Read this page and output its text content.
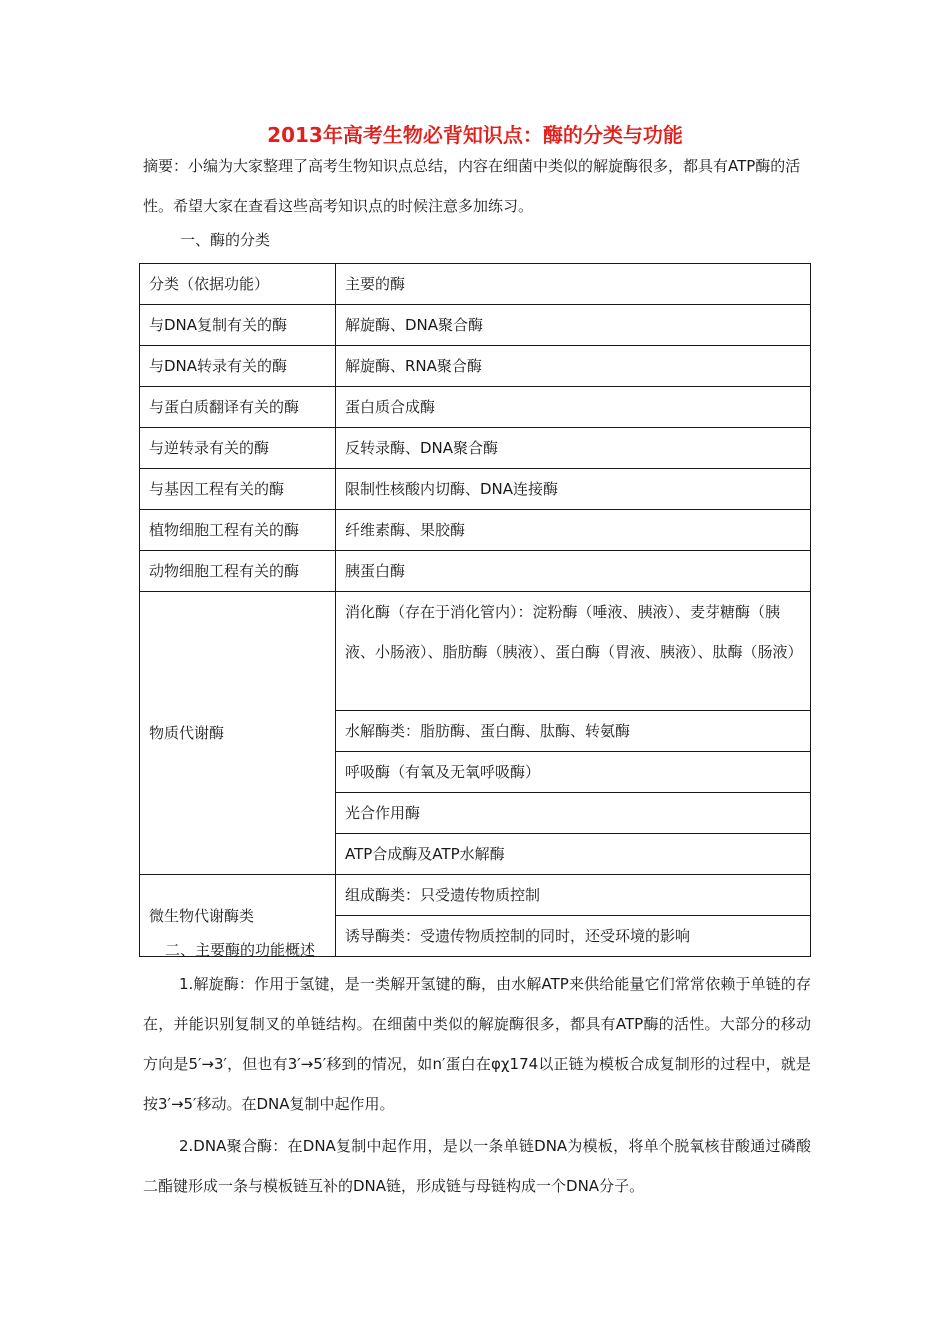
2013年高考生物必背知识点：酶的分类与功能
摘要：小编为大家整理了高考生物知识点总结，内容在细菌中类似的解旋酶很多，都具有ATP酶的活性。希望大家在查看这些高考知识点的时候注意多加练习。
一、酶的分类
分类（依据功能）	主要的酶
与DNA复制有关的酶	解旋酶、DNA聚合酶
与DNA转录有关的酶	解旋酶、RNA聚合酶
与蛋白质翻译有关的酶	蛋白质合成酶
与逆转录有关的酶	反转录酶、DNA聚合酶
与基因工程有关的酶	限制性核酸内切酶、DNA连接酶
植物细胞工程有关的酶	纤维素酶、果胶酶
动物细胞工程有关的酶	胰蛋白酶
物质代谢酶	消化酶（存在于消化管内）：淀粉酶（唾液、胰液）、麦芽糖酶（胰液、小肠液）、脂肪酶（胰液）、蛋白酶（胃液、胰液）、肽酶（肠液）
	水解酶类：脂肪酶、蛋白酶、肽酶、转氨酶
	呼吸酶（有氧及无氧呼吸酶）
	光合作用酶
	ATP合成酶及ATP水解酶
微生物代谢酶类	组成酶类：只受遗传物质控制
	诱导酶类：受遗传物质控制的同时，还受环境的影响
二、主要酶的功能概述
1.解旋酶：作用于氢键，是一类解开氢键的酶，由水解ATP来供给能量它们常常依赖于单链的存在，并能识别复制叉的单链结构。在细菌中类似的解旋酶很多，都具有ATP酶的活性。大部分的移动方向是5′→3′，但也有3′→5′移到的情况，如n′蛋白在φχ174以正链为模板合成复制形的过程中，就是按3′→5′移动。在DNA复制中起作用。
2.DNA聚合酶：在DNA复制中起作用，是以一条单链DNA为模板，将单个脱氧核苷酸通过磷酸二酯键形成一条与模板链互补的DNA链，形成链与母链构成一个DNA分子。
